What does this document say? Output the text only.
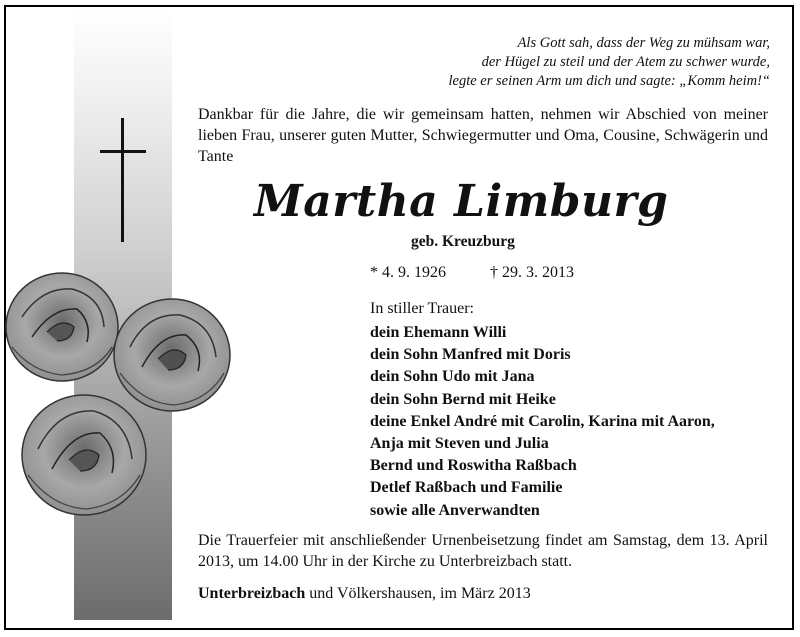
Als Gott sah, dass der Weg zu mühsam war,
der Hügel zu steil und der Atem zu schwer wurde,
legte er seinen Arm um dich und sagte: „Komm heim!“
Dankbar für die Jahre, die wir gemeinsam hatten, nehmen wir Abschied von meiner lieben Frau, unserer guten Mutter, Schwiegermutter und Oma, Cousine, Schwägerin und Tante
Martha Limburg
geb. Kreuzburg
* 4. 9. 1926	† 29. 3. 2013
In stiller Trauer:
dein Ehemann Willi
dein Sohn Manfred mit Doris
dein Sohn Udo mit Jana
dein Sohn Bernd mit Heike
deine Enkel André mit Carolin, Karina mit Aaron,
Anja mit Steven und Julia
Bernd und Roswitha Raßbach
Detlef Raßbach und Familie
sowie alle Anverwandten
Die Trauerfeier mit anschließender Urnenbeisetzung findet am Samstag, dem 13. April 2013, um 14.00 Uhr in der Kirche zu Unterbreizbach statt.
Unterbreizbach und Völkershausen, im März 2013
